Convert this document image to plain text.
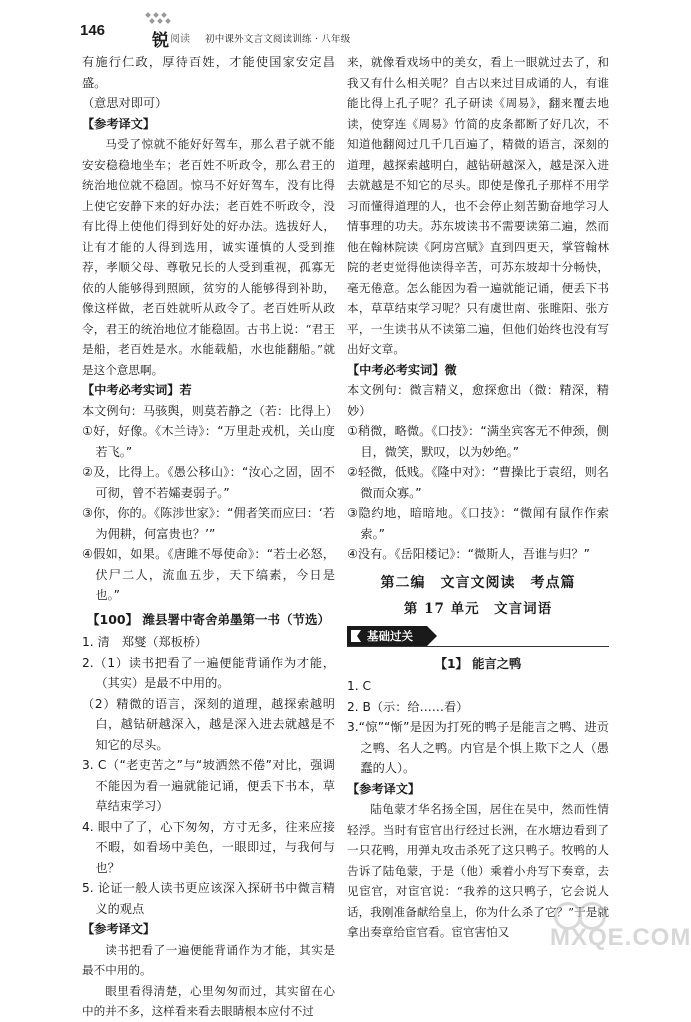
146
锐 阅读 初中课外文言文阅读训练 · 八年级

有施行仁政，厚待百姓，才能使国家安定昌盛。

（意思对即可）

【参考译文】

马受了惊就不能好好驾车，那么君子就不能安安稳稳地坐车；老百姓不听政令，那么君王的统治地位就不稳固。惊马不好好驾车，没有比得上使它安静下来的好办法；老百姓不听政令，没有比得上使他们得到好处的好办法。选拔好人，让有才能的人得到选用，诚实谨慎的人受到推荐，孝顺父母、尊敬兄长的人受到重视，孤寡无依的人能够得到照顾，贫穷的人能够得到补助，像这样做，老百姓就听从政令了。老百姓听从政令，君王的统治地位才能稳固。古书上说：“君王是船，老百姓是水。水能载船，水也能翻船。”就是这个意思啊。

【中考必考实词】若

本文例句：马骇舆，则莫若静之（若：比得上）

①好，好像。《木兰诗》：“万里赴戎机，关山度若飞。”

②及，比得上。《愚公移山》：“汝心之固，固不可彻，曾不若孀妻弱子。”

③你，你的。《陈涉世家》：“佣者笑而应曰：‘若为佣耕，何富贵也？’”

④假如，如果。《唐雎不辱使命》：“若士必怒，伏尸二人，流血五步，天下缟素，今日是也。”

【100】 潍县署中寄舍弟墨第一书（节选）

1. 清　郑燮（郑板桥）

2.（1）读书把看了一遍便能背诵作为才能，（其实）是最不中用的。

（2）精微的语言，深刻的道理，越探索越明白，越钻研越深入，越是深入进去就越是不知它的尽头。

3. C（“老吏苦之”与“坡洒然不倦”对比，强调不能因为看一遍就能记诵，便丢下书本，草草结束学习）

4. 眼中了了，心下匆匆，方寸无多，往来应接不暇，如看场中美色，一眼即过，与我何与也？

5. 论证一般人读书更应该深入探研书中微言精义的观点

【参考译文】

读书把看了一遍便能背诵作为才能，其实是最不中用的。

眼里看得清楚，心里匆匆而过，其实留在心中的并不多，这样看来看去眼睛根本应付不过

来，就像看戏场中的美女，看上一眼就过去了，和我又有什么相关呢？自古以来过目成诵的人，有谁能比得上孔子呢？孔子研读《周易》，翻来覆去地读，使穿连《周易》竹简的皮条都断了好几次，不知道他翻阅过几千几百遍了，精微的语言，深刻的道理，越探索越明白，越钻研越深入，越是深入进去就越是不知它的尽头。即使是像孔子那样不用学习而懂得道理的人，也不会停止刻苦勤奋地学习人情事理的功夫。苏东坡读书不需要读第二遍，然而他在翰林院读《阿房宫赋》直到四更天，掌管翰林院的老吏觉得他读得辛苦，可苏东坡却十分畅快，毫无倦意。怎么能因为看一遍就能记诵，便丢下书本，草草结束学习呢？只有虞世南、张睢阳、张方平，一生读书从不读第二遍，但他们始终也没有写出好文章。

【中考必考实词】微

本文例句：微言精义，愈探愈出（微：精深，精妙）

①稍微，略微。《口技》：“满坐宾客无不伸颈，侧目，微笑，默叹，以为妙绝。”

②轻微，低贱。《隆中对》：“曹操比于袁绍，则名微而众寡。”

③隐约地，暗暗地。《口技》：“微闻有鼠作作索索。”

④没有。《岳阳楼记》：“微斯人，吾谁与归？”

第二编　文言文阅读　考点篇

第 17 单元　文言词语

基础过关

【1】 能言之鸭

1. C

2. B（示：给……看）

3.“惊”“惭”是因为打死的鸭子是能言之鸭、进贡之鸭、名人之鸭。内官是个惧上欺下之人（愚蠢的人）。

【参考译文】

陆龟蒙才华名扬全国，居住在吴中，然而性情轻浮。当时有宦官出行经过长洲，在水塘边看到了一只花鸭，用弹丸攻击杀死了这只鸭子。牧鸭的人告诉了陆龟蒙，于是（他）乘着小舟写下奏章，去见宦官，对宦官说：“我养的这只鸭子，它会说人话，我刚准备献给皇上，你为什么杀了它？”于是就拿出奏章给宦官看。宦官害怕又	MXQE.COM
